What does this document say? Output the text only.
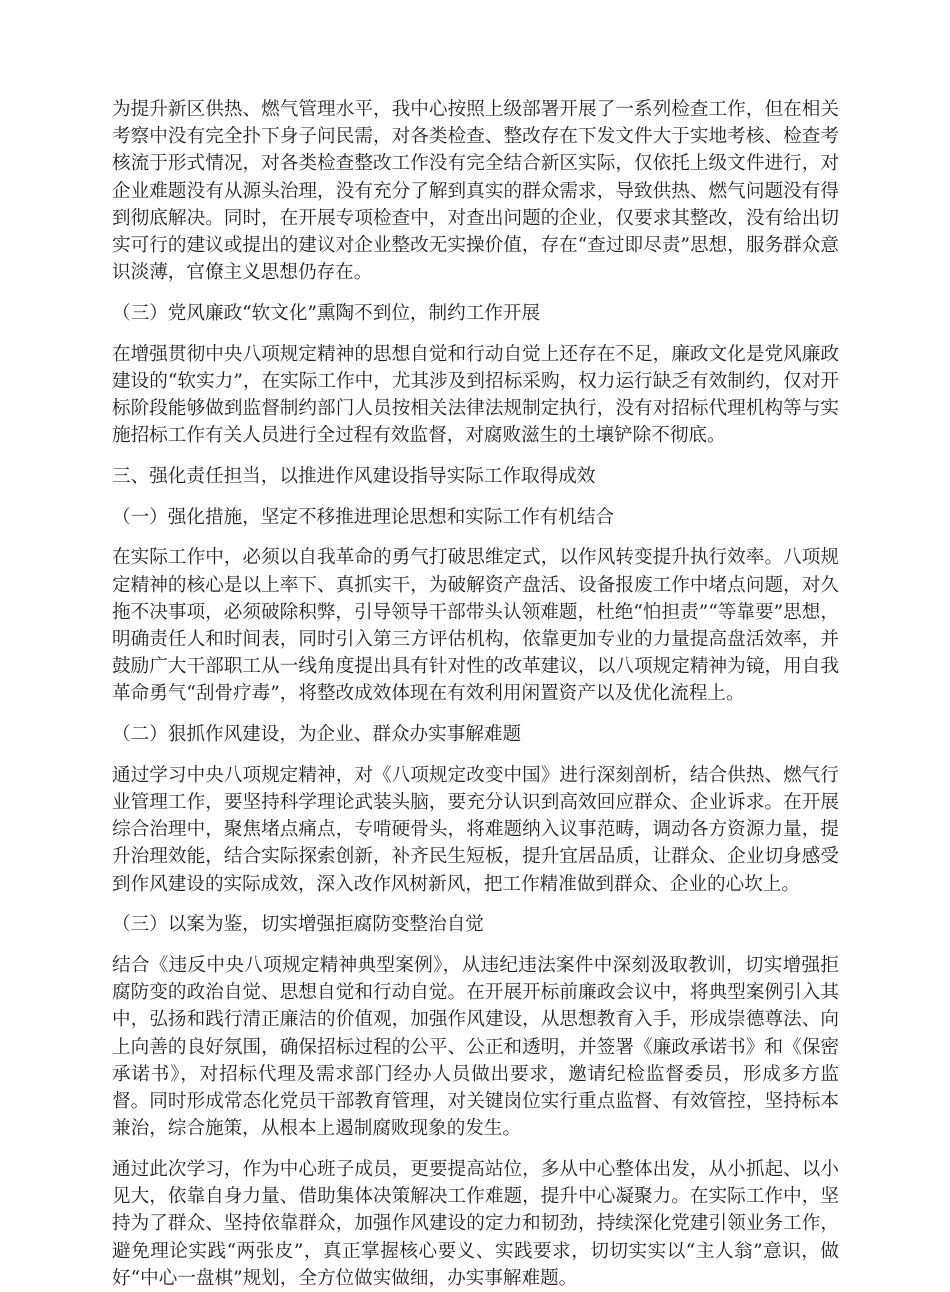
为提升新区供热、燃气管理水平，我中心按照上级部署开展了一系列检查工作，但在相关考察中没有完全扑下身子问民需，对各类检查、整改存在下发文件大于实地考核、检查考核流于形式情况，对各类检查整改工作没有完全结合新区实际，仅依托上级文件进行，对企业难题没有从源头治理，没有充分了解到真实的群众需求，导致供热、燃气问题没有得到彻底解决。同时，在开展专项检查中，对查出问题的企业，仅要求其整改，没有给出切实可行的建议或提出的建议对企业整改无实操价值，存在“查过即尽责”思想，服务群众意识淡薄，官僚主义思想仍存在。

（三）党风廉政“软文化”熏陶不到位，制约工作开展

在增强贯彻中央八项规定精神的思想自觉和行动自觉上还存在不足，廉政文化是党风廉政建设的“软实力”，在实际工作中，尤其涉及到招标采购，权力运行缺乏有效制约，仅对开标阶段能够做到监督制约部门人员按相关法律法规制定执行，没有对招标代理机构等与实施招标工作有关人员进行全过程有效监督，对腐败滋生的土壤铲除不彻底。

三、强化责任担当，以推进作风建设指导实际工作取得成效

（一）强化措施，坚定不移推进理论思想和实际工作有机结合

在实际工作中，必须以自我革命的勇气打破思维定式，以作风转变提升执行效率。八项规定精神的核心是以上率下、真抓实干，为破解资产盘活、设备报废工作中堵点问题，对久拖不决事项，必须破除积弊，引导领导干部带头认领难题，杜绝“怕担责”“等靠要”思想，明确责任人和时间表，同时引入第三方评估机构，依靠更加专业的力量提高盘活效率，并鼓励广大干部职工从一线角度提出具有针对性的改革建议，以八项规定精神为镜，用自我革命勇气“刮骨疗毒”，将整改成效体现在有效利用闲置资产以及优化流程上。

（二）狠抓作风建设，为企业、群众办实事解难题

通过学习中央八项规定精神，对《八项规定改变中国》进行深刻剖析，结合供热、燃气行业管理工作，要坚持科学理论武装头脑，要充分认识到高效回应群众、企业诉求。在开展综合治理中，聚焦堵点痛点，专啃硬骨头，将难题纳入议事范畴，调动各方资源力量，提升治理效能，结合实际探索创新，补齐民生短板，提升宜居品质，让群众、企业切身感受到作风建设的实际成效，深入改作风树新风，把工作精准做到群众、企业的心坎上。

（三）以案为鉴，切实增强拒腐防变整治自觉

结合《违反中央八项规定精神典型案例》，从违纪违法案件中深刻汲取教训，切实增强拒腐防变的政治自觉、思想自觉和行动自觉。在开展开标前廉政会议中，将典型案例引入其中，弘扬和践行清正廉洁的价值观，加强作风建设，从思想教育入手，形成崇德尊法、向上向善的良好氛围，确保招标过程的公平、公正和透明，并签署《廉政承诺书》和《保密承诺书》，对招标代理及需求部门经办人员做出要求，邀请纪检监督委员，形成多方监督。同时形成常态化党员干部教育管理，对关键岗位实行重点监督、有效管控，坚持标本兼治，综合施策，从根本上遏制腐败现象的发生。

通过此次学习，作为中心班子成员，更要提高站位，多从中心整体出发，从小抓起、以小见大，依靠自身力量、借助集体决策解决工作难题，提升中心凝聚力。在实际工作中，坚持为了群众、坚持依靠群众，加强作风建设的定力和韧劲，持续深化党建引领业务工作，避免理论实践“两张皮”，真正掌握核心要义、实践要求，切切实实以“主人翁”意识，做好“中心一盘棋”规划，全方位做实做细，办实事解难题。
